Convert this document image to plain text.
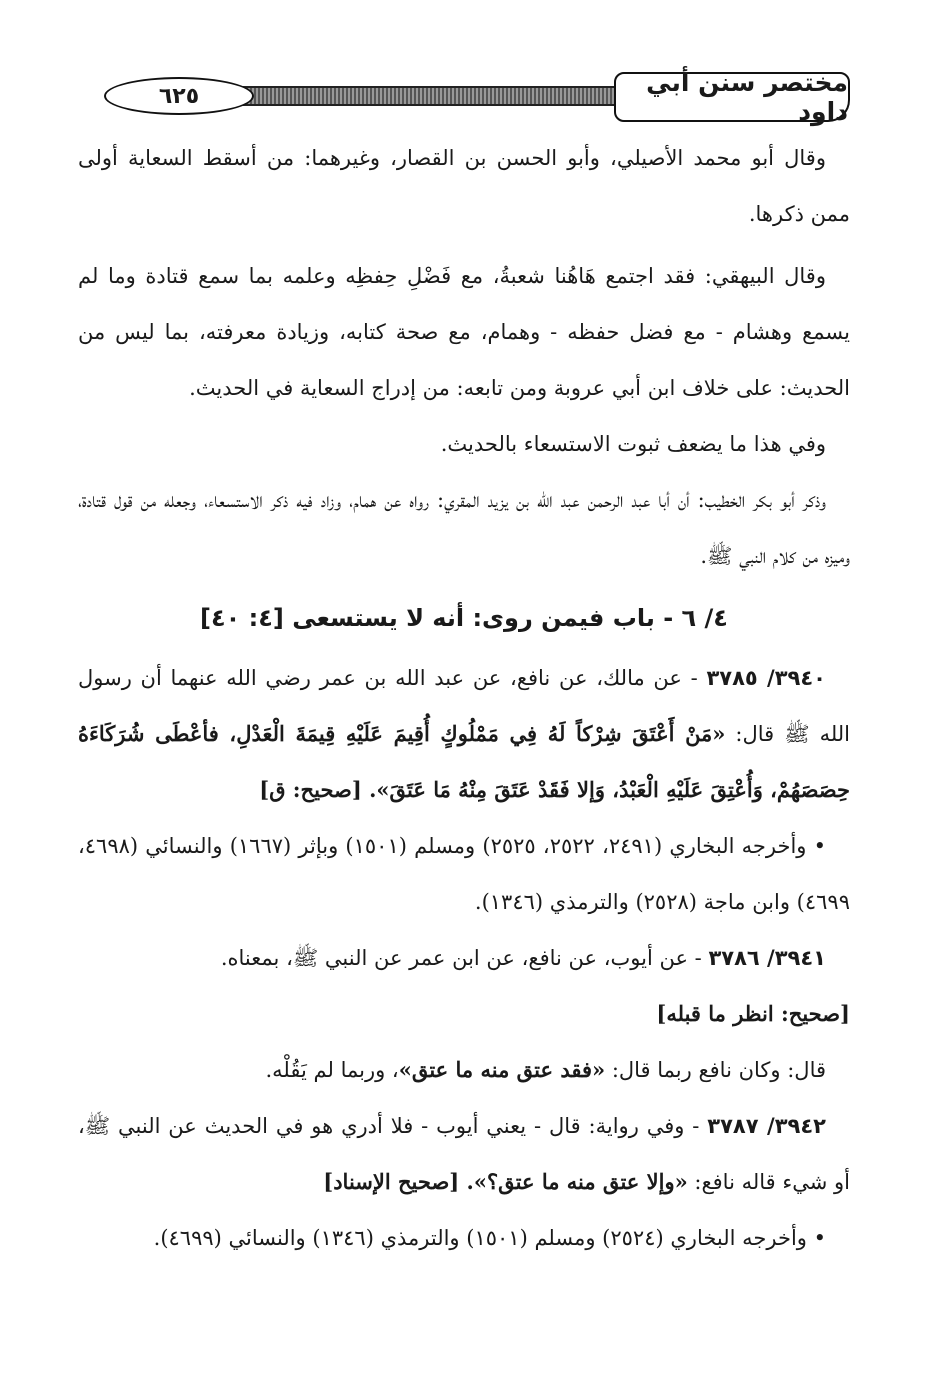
مختصر سنن أبي داود
٦٢٥

وقال أبو محمد الأصيلي، وأبو الحسن بن القصار، وغيرهما: من أسقط السعاية أولى ممن ذكرها.

وقال البيهقي: فقد اجتمع هَاهُنا شعبةُ، مع فَضْلِ حِفظِه وعلمه بما سمع قتادة وما لم يسمع وهشام - مع فضل حفظه - وهمام، مع صحة كتابه، وزيادة معرفته، بما ليس من الحديث: على خلاف ابن أبي عروبة ومن تابعه: من إدراج السعاية في الحديث.

وفي هذا ما يضعف ثبوت الاستسعاء بالحديث.

وذكر أبو بكر الخطيب: أن أبا عبد الرحمن عبد الله بن يزيد المقري: رواه عن همام، وزاد فيه ذكر الاستسعاء، وجعله من قول قتادة، وميزه من كلام النبي ﷺ.

٤/ ٦ - باب فيمن روى: أنه لا يستسعى [٤: ٤٠]

٣٩٤٠/ ٣٧٨٥ - عن مالك، عن نافع، عن عبد الله بن عمر رضي الله عنهما أن رسول الله ﷺ قال: «مَنْ أَعْتَقَ شِرْكاً لَهُ فِي مَمْلُوكٍ أُقِيمَ عَلَيْهِ قِيمَةَ الْعَدْلِ، فأعْطَى شُرَكَاءَهُ حِصَصَهُمْ، وَأُعْتِقَ عَلَيْهِ الْعَبْدُ، وَإلا فَقَدْ عَتَقَ مِنْهُ مَا عَتَقَ». [صحيح: ق]

• وأخرجه البخاري (٢٤٩١، ٢٥٢٢، ٢٥٢٥) ومسلم (١٥٠١) وبإثر (١٦٦٧) والنسائي (٤٦٩٨، ٤٦٩٩) وابن ماجة (٢٥٢٨) والترمذي (١٣٤٦).

٣٩٤١/ ٣٧٨٦ - عن أيوب، عن نافع، عن ابن عمر عن النبي ﷺ، بمعناه.

[صحيح: انظر ما قبله]

قال: وكان نافع ربما قال: «فقد عتق منه ما عتق»، وربما لم يَقُلْه.

٣٩٤٢/ ٣٧٨٧ - وفي رواية: قال - يعني أيوب - فلا أدري هو في الحديث عن النبي ﷺ، أو شيء قاله نافع: «وإلا عتق منه ما عتق؟». [صحيح الإسناد]

• وأخرجه البخاري (٢٥٢٤) ومسلم (١٥٠١) والترمذي (١٣٤٦) والنسائي (٤٦٩٩).
